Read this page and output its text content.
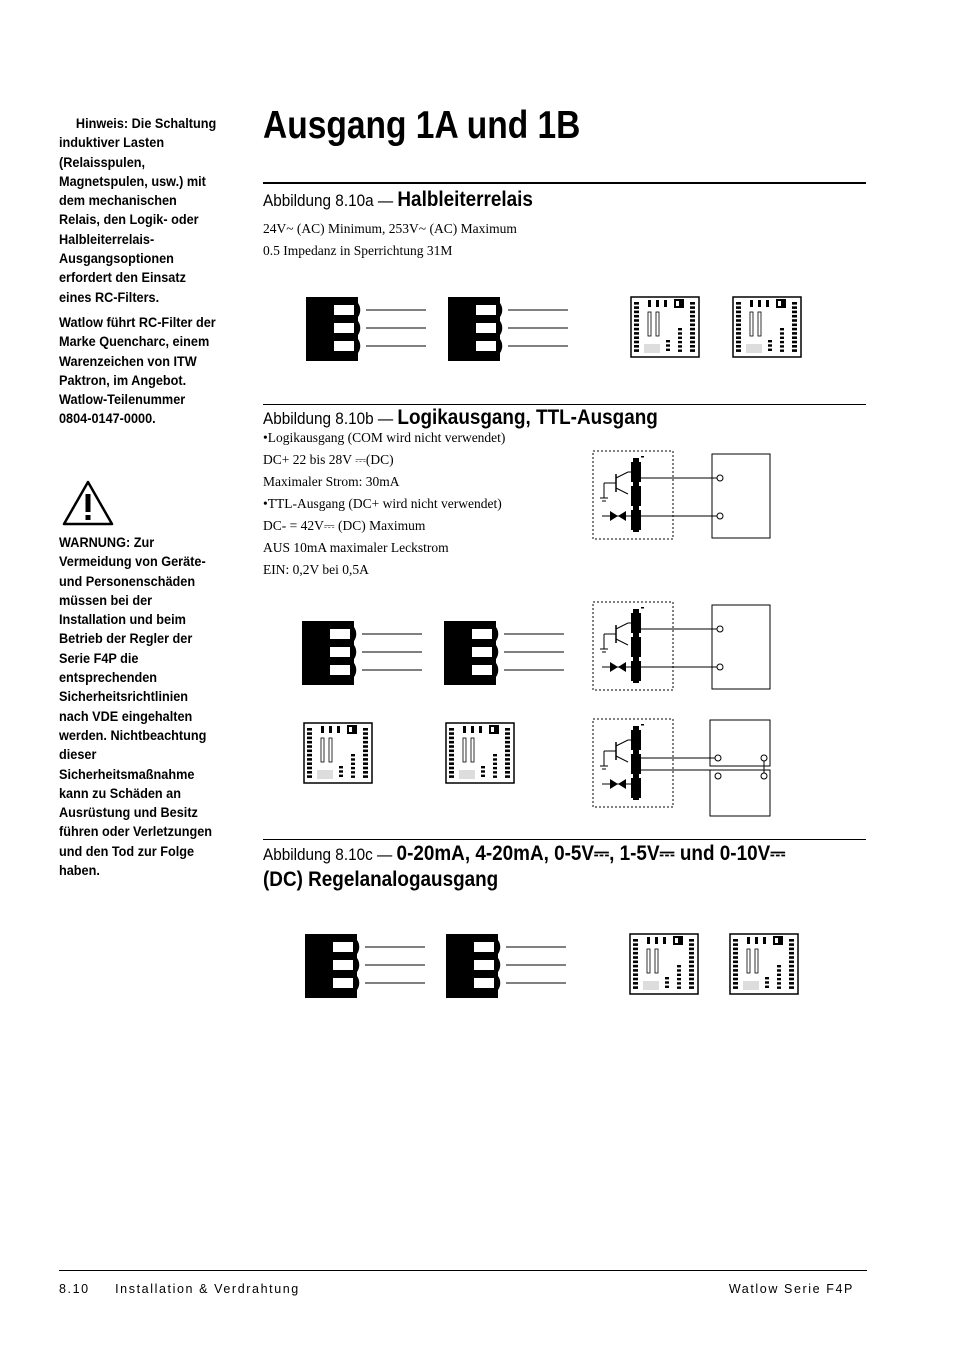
Hinweis: Die Schaltung induktiver Lasten (Relaisspulen, Magnetspulen, usw.) mit dem mechanischen Relais, den Logik- oder Halbleiterrelais-Ausgangsoptionen erfordert den Einsatz eines RC-Filters.

Watlow führt RC-Filter der Marke Quencharc, einem Warenzeichen von ITW Paktron, im Angebot. Watlow-Teilenummer 0804-0147-0000.

WARNUNG: Zur Vermeidung von Geräte- und Personenschäden müssen bei der Installation und beim Betrieb der Regler der Serie F4P die entsprechenden Sicherheitsrichtlinien nach VDE eingehalten werden. Nichtbeachtung dieser Sicherheitsmaßnahme kann zu Schäden an Ausrüstung und Besitz führen oder Verletzungen und den Tod zur Folge haben.

Ausgang 1A und 1B
Abbildung 8.10a — Halbleiterrelais

24V~ (AC) Minimum, 253V~ (AC) Maximum

0.5 Impedanz in Sperrichtung 31M

Abbildung 8.10b — Logikausgang, TTL-Ausgang

•Logikausgang (COM wird nicht verwendet)

DC+ 22 bis 28V ⎓(DC)

Maximaler Strom: 30mA

•TTL-Ausgang (DC+ wird nicht verwendet)

DC- = 42V⎓ (DC) Maximum

AUS 10mA maximaler Leckstrom

EIN: 0,2V bei 0,5A

Abbildung 8.10c — 0-20mA, 4-20mA, 0-5V⎓, 1-5V⎓ und 0-10V⎓
(DC) Regelanalogausgang
8.10     Installation & Verdrahtung	Watlow Serie F4P
